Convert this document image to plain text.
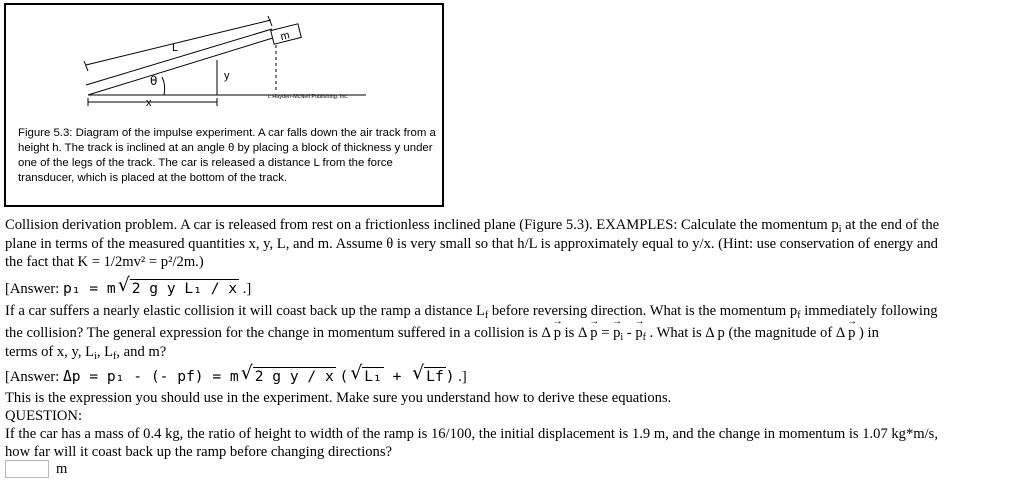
m
y
θ
L
x	c Hayden-McNeil Publishing, Inc.
Figure 5.3: Diagram of the impulse experiment. A car falls down the air track from a height h. The track is inclined at an angle θ by placing a block of thickness y under one of the legs of the track. The car is released a distance L from the force transducer, which is placed at the bottom of the track.
Collision derivation problem. A car is released from rest on a frictionless inclined plane (Figure 5.3). EXAMPLES: Calculate the momentum $p_i$ at the end of the
plane in terms of the measured quantities x, y, L, and m. Assume θ is very small so that h/L is approximately equal to y/x. (Hint: use conservation of energy and
the fact that K = 1/2mv² = p²/2m.)
[Answer: p₁ = m √ 2 g y L₁ / x .]
If a car suffers a nearly elastic collision it will coast back up the ramp a distance $L_f$ before reversing direction. What is the momentum $p_f$ immediately following
the collision? The general expression for the change in momentum suffered in a collision is Δ p → is Δ p → = $p \to_i - p \to_f$ . What is Δ p (the magnitude of Δ p → ) in
terms of x, y, $L_i$, $L_f$, and m?
[Answer: Δp = p₁ - (- pf) = m √ 2 g y / x ( √ L₁ + √ Lf ) .]
This is the expression you should use in the experiment. Make sure you understand how to derive these equations.
QUESTION:
If the car has a mass of 0.4 kg, the ratio of height to width of the ramp is 16/100, the initial displacement is 1.9 m, and the change in momentum is 1.07 kg*m/s,
how far will it coast back up the ramp before changing directions?
m
